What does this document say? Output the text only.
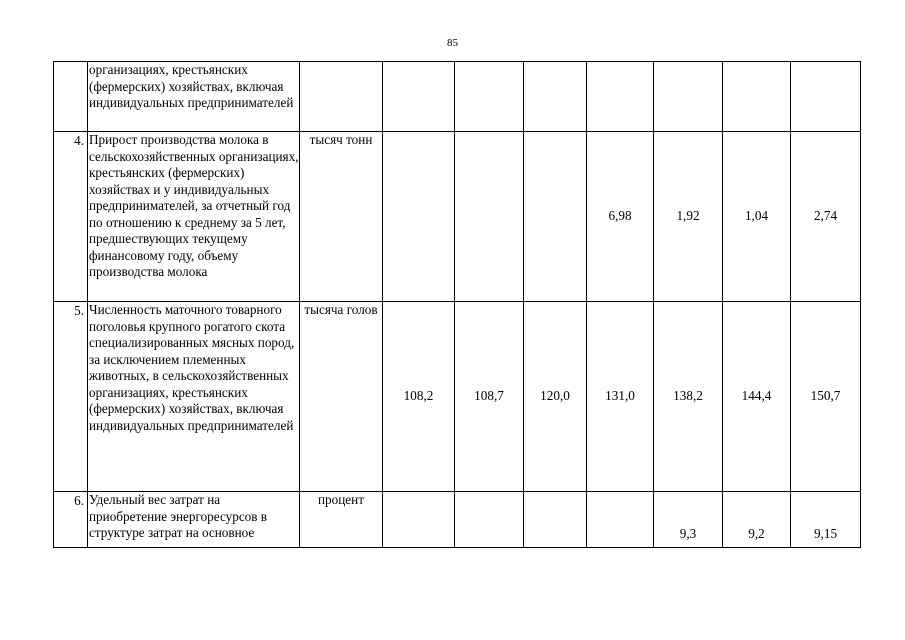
85
	организациях, крестьянских (фермерских) хозяйствах, включая индивидуальных предпринимателей								
4.	Прирост производства молока в сельскохозяйственных организациях, крестьянских (фермерских) хозяйствах и у индивидуальных предпринимателей, за отчетный год по отношению к среднему за 5 лет, предшествующих текущему финансовому году, объему производства молока	тысяч тонн				6,98	1,92	1,04	2,74
5.	Численность маточного товарного поголовья крупного рогатого скота специализированных мясных пород, за исключением племенных животных, в сельскохозяйственных организациях, крестьянских (фермерских) хозяйствах, включая индивидуальных предпринимателей	тысяча голов	108,2	108,7	120,0	131,0	138,2	144,4	150,7
6.	Удельный вес затрат на приобретение энергоресурсов в структуре затрат на основное	процент					9,3	9,2	9,15
